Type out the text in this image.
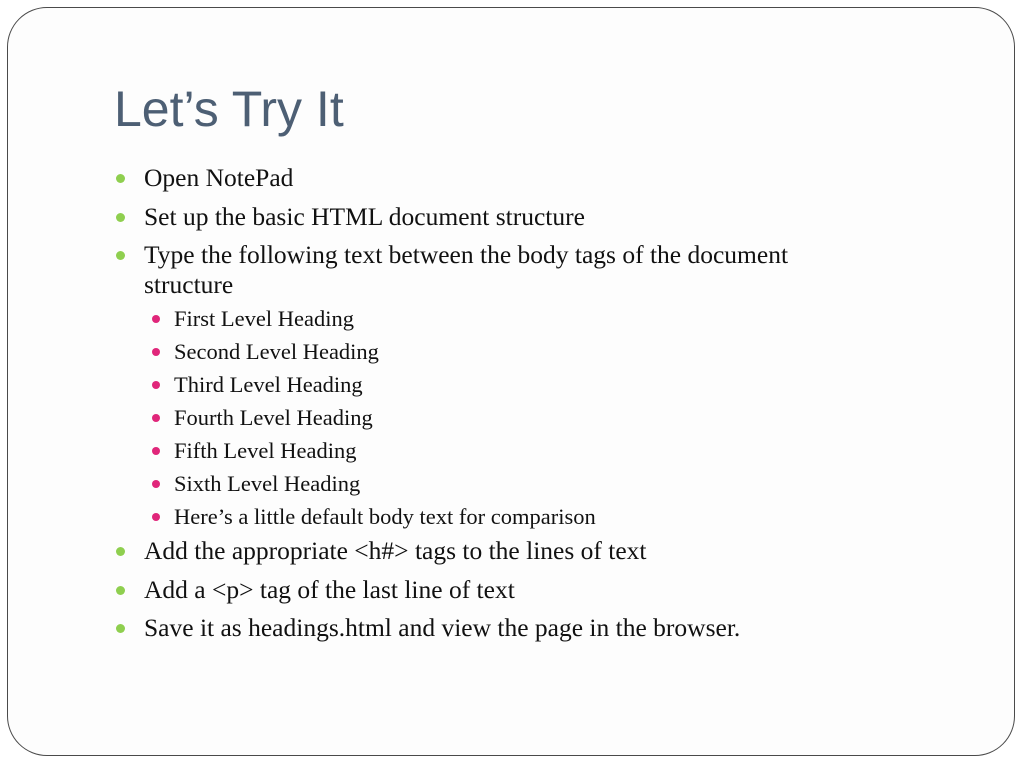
Let’s Try It
Open NotePad
Set up the basic HTML document structure
Type the following text between the body tags of the document structure
First Level Heading
Second Level Heading
Third Level Heading
Fourth Level Heading
Fifth Level Heading
Sixth Level Heading
Here’s a little default body text for comparison
Add the appropriate <h#> tags to the lines of text
Add a <p> tag of the last line of text
Save it as headings.html and view the page in the browser.
